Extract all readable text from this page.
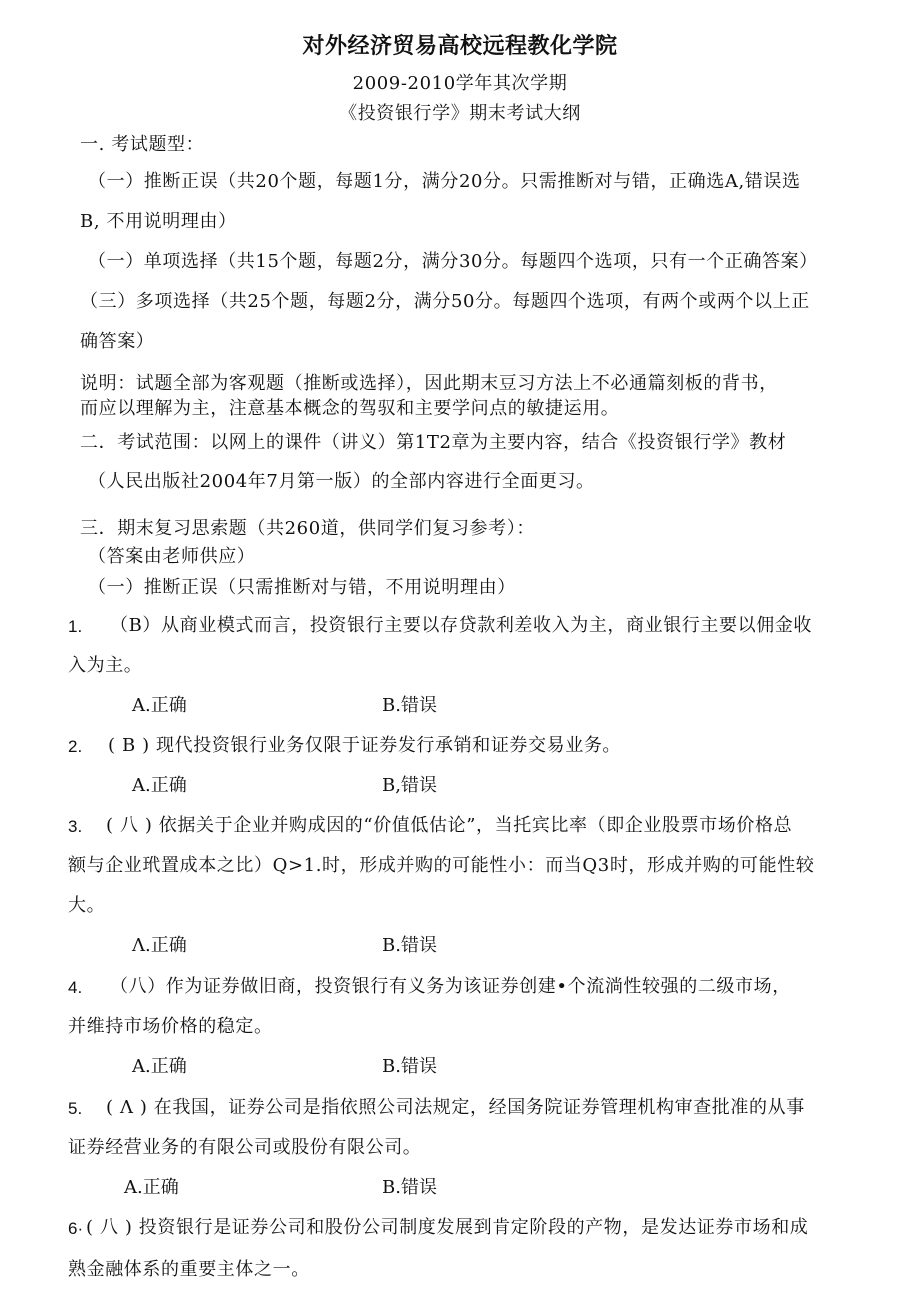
对外经济贸易高校远程教化学院
2009-2010学年其次学期
《投资银行学》期末考试大纲
一. 考试题型：
（一）推断正误（共20个题，每题1分，满分20分。只需推断对与错，正确选A,错误选
B, 不用说明理由）
（一）单项选择（共15个题，每题2分，满分30分。每题四个选项，只有一个正确答案）
（三）多项选择（共25个题，每题2分，满分50分。每题四个选项，有两个或两个以上正
确答案）
说明：试题全部为客观题（推断或选择），因此期末豆习方法上不必通篇刻板的背书，
而应以理解为主，注意基本概念的驾驭和主要学问点的敏捷运用。
二．考试范围：以网上的课件（讲义）第1T2章为主要内容，结合《投资银行学》教材
（人民出版社2004年7月第一版）的全部内容进行全面更习。
三．期末复习思索题（共260道，供同学们复习参考）：
（答案由老师供应）
（一）推断正误（只需推断对与错，不用说明理由）
1. （B）从商业模式而言，投资银行主要以存贷款利差收入为主，商业银行主要以佣金收
入为主。
A.正确	B.错误
2. ( B ) 现代投资银行业务仅限于证券发行承销和证券交易业务。
A.正确	B,错误
3. ( 八 ) 依据关于企业并购成因的“价值低估论”，当托宾比率（即企业股票市场价格总
额与企业玳置成本之比）Q>1.时，形成并购的可能性小：而当Q3时，形成并购的可能性较
大。
Λ.正确	B.错误
4. （八）作为证券做旧商，投资银行有义务为该证券创建•个流淌性较强的二级市场，
并维持市场价格的稳定。
A.正确	B.错误
5. ( Λ ) 在我国，证券公司是指依照公司法规定，经国务院证券管理机构审查批准的从事
证券经营业务的有限公司或股份有限公司。
A.正确	B.错误
6· ( 八 ) 投资银行是证券公司和股份公司制度发展到肯定阶段的产物，是发达证券市场和成
熟金融体系的重要主体之一。
